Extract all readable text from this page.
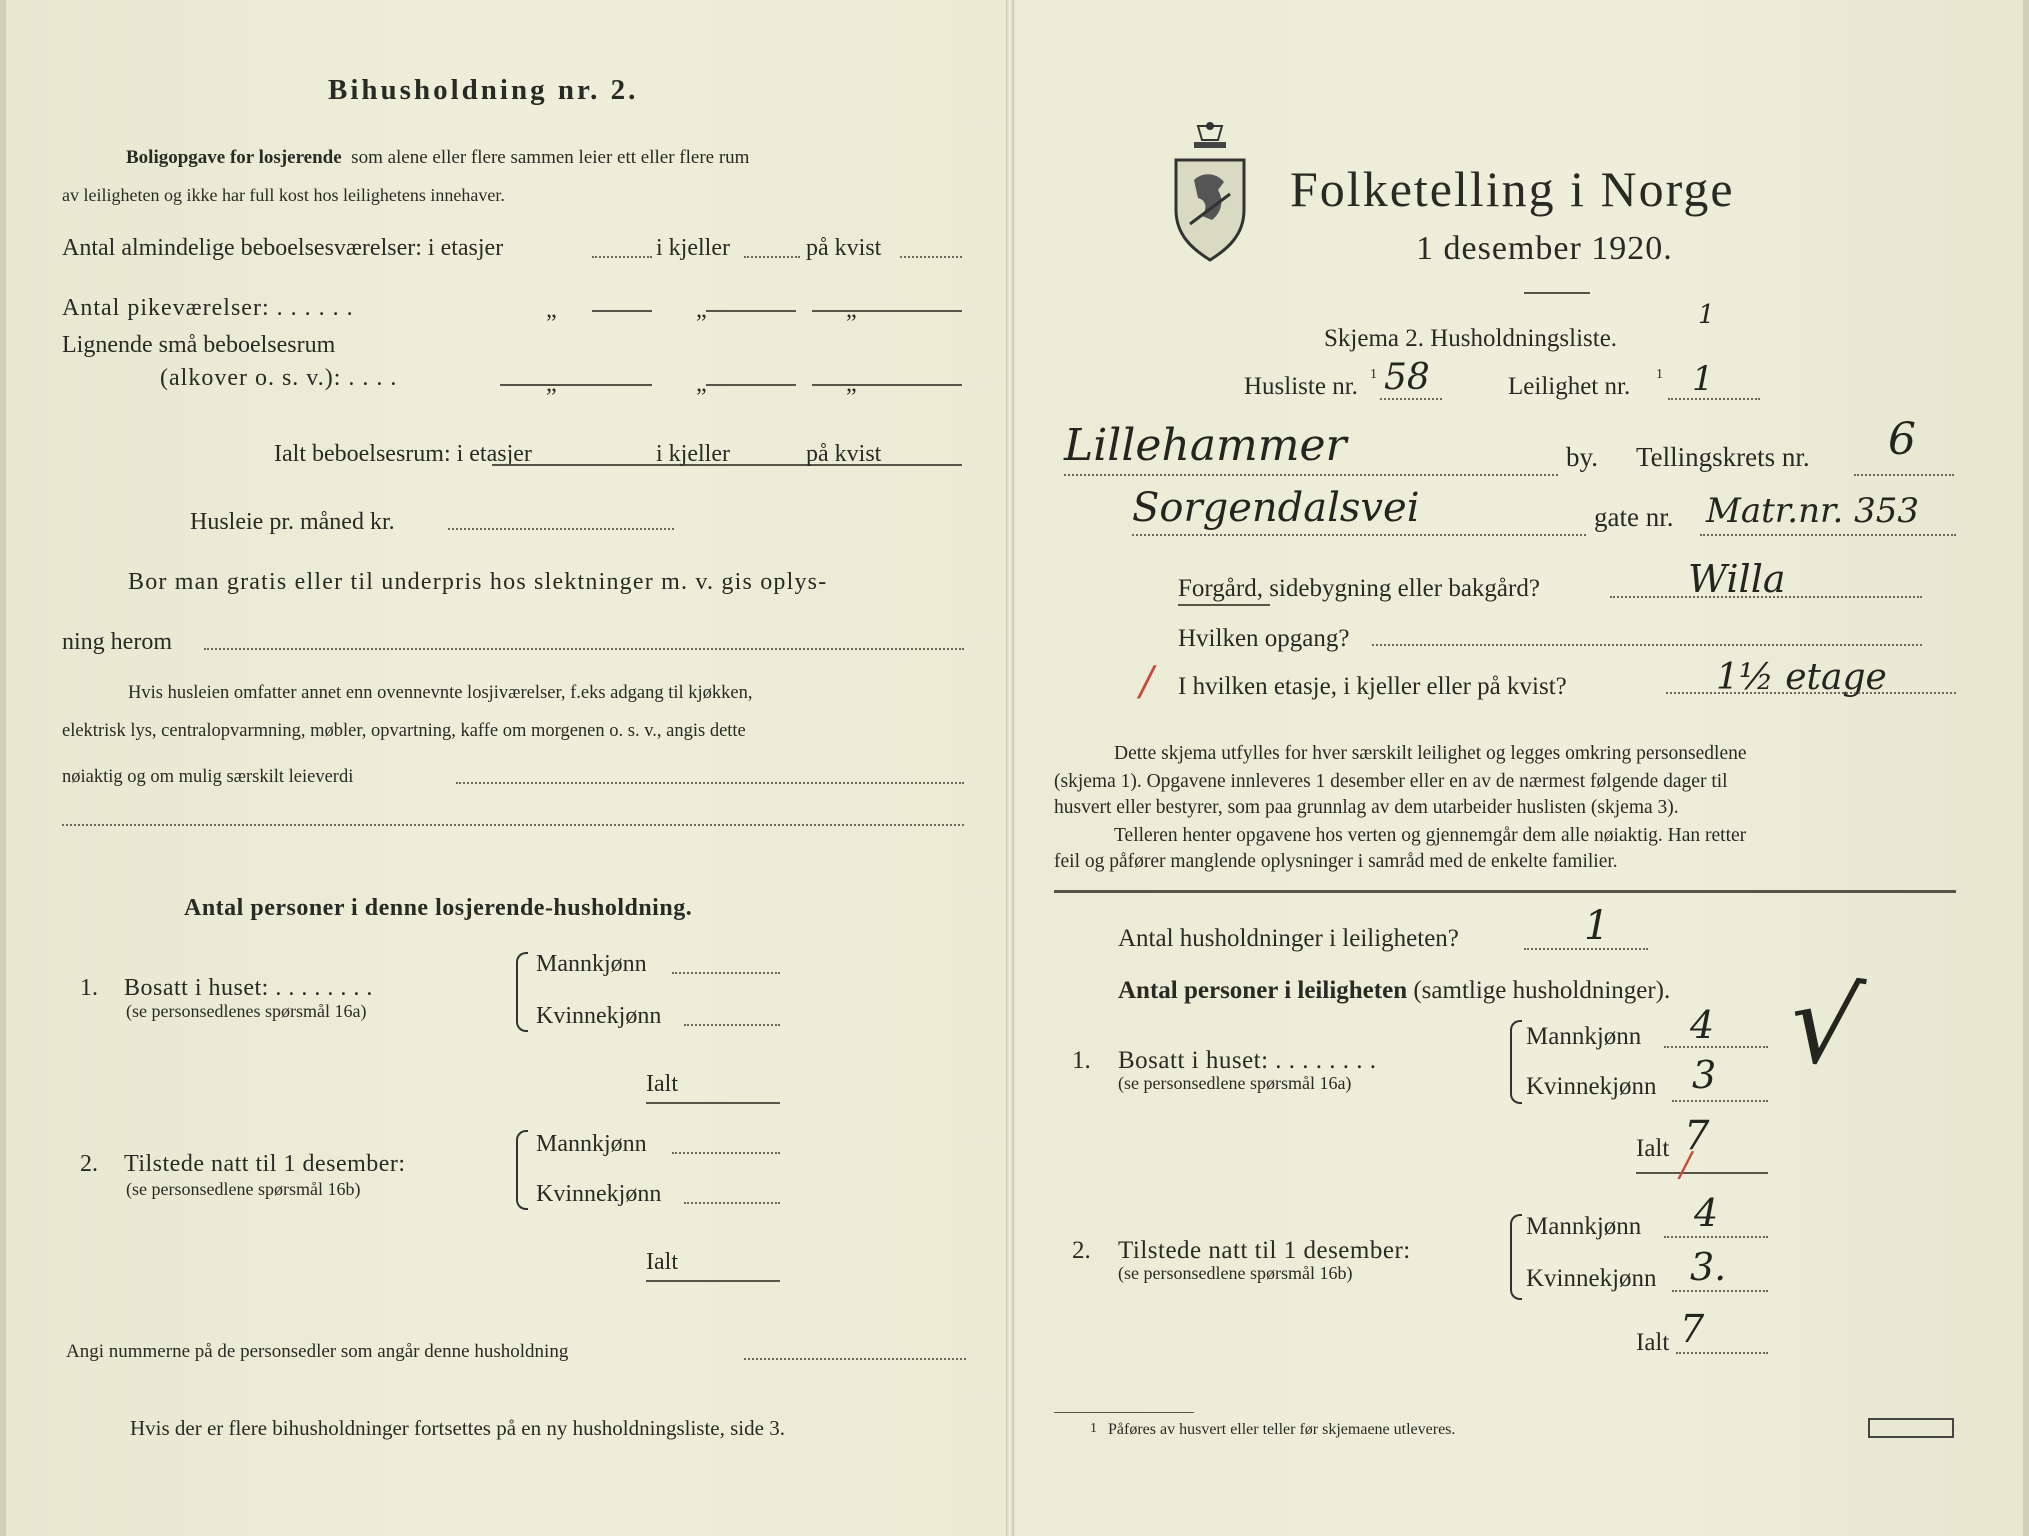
Bihusholdning nr. 2.
Boligopgave for losjerende som alene eller flere sammen leier ett eller flere rum
av leiligheten og ikke har full kost hos leilighetens innehaver.
Antal almindelige beboelsesværelser: i etasjer	i kjeller	på kvist
Antal pikeværelser: . . . . . .	„	„	„
Lignende små beboelsesrum
(alkover o. s. v.): . . . .	„	„	„
Ialt beboelsesrum: i etasjer	i kjeller	på kvist
Husleie pr. måned kr.
Bor man gratis eller til underpris hos slektninger m. v. gis oplys-
ning herom
Hvis husleien omfatter annet enn ovennevnte losjiværelser, f.eks adgang til kjøkken,
elektrisk lys, centralopvarmning, møbler, opvartning, kaffe om morgenen o. s. v., angis dette
nøiaktig og om mulig særskilt leieverdi
Antal personer i denne losjerende-husholdning.
1. Bosatt i huset: . . . . . . . .
(se personsedlenes spørsmål 16a)
Mannkjønn
Kvinnekjønn
Ialt
2. Tilstede natt til 1 desember:
(se personsedlene spørsmål 16b)
Mannkjønn
Kvinnekjønn
Ialt
Angi nummerne på de personsedler som angår denne husholdning
Hvis der er flere bihusholdninger fortsettes på en ny husholdningsliste, side 3.
Folketelling i Norge
1 desember 1920.
Skjema 2. Husholdningsliste.
1
Husliste nr. 1 58	Leilighet nr. 1 1
Lillehammer	by. Tellingskrets nr. 6
Sorgendalsvei	gate nr. Matr.nr. 353
Forgård, sidebygning eller bakgård?	Willa
Hvilken opgang?
/ I hvilken etasje, i kjeller eller på kvist?	1½ etage
Dette skjema utfylles for hver særskilt leilighet og legges omkring personsedlene
(skjema 1). Opgavene innleveres 1 desember eller en av de nærmest følgende dager til
husvert eller bestyrer, som paa grunnlag av dem utarbeider huslisten (skjema 3).
Telleren henter opgavene hos verten og gjennemgår dem alle nøiaktig. Han retter
feil og påfører manglende oplysninger i samråd med de enkelte familier.
Antal husholdninger i leiligheten?	1
Antal personer i leiligheten (samtlige husholdninger).
1. Bosatt i huset: . . . . . . . .
(se personsedlene spørsmål 16a)
Mannkjønn 4
Kvinnekjønn 3
Ialt 7
/
√
2. Tilstede natt til 1 desember:
(se personsedlene spørsmål 16b)
Mannkjønn 4
Kvinnekjønn 3.
Ialt 7
1 Påføres av husvert eller teller før skjemaene utleveres.
